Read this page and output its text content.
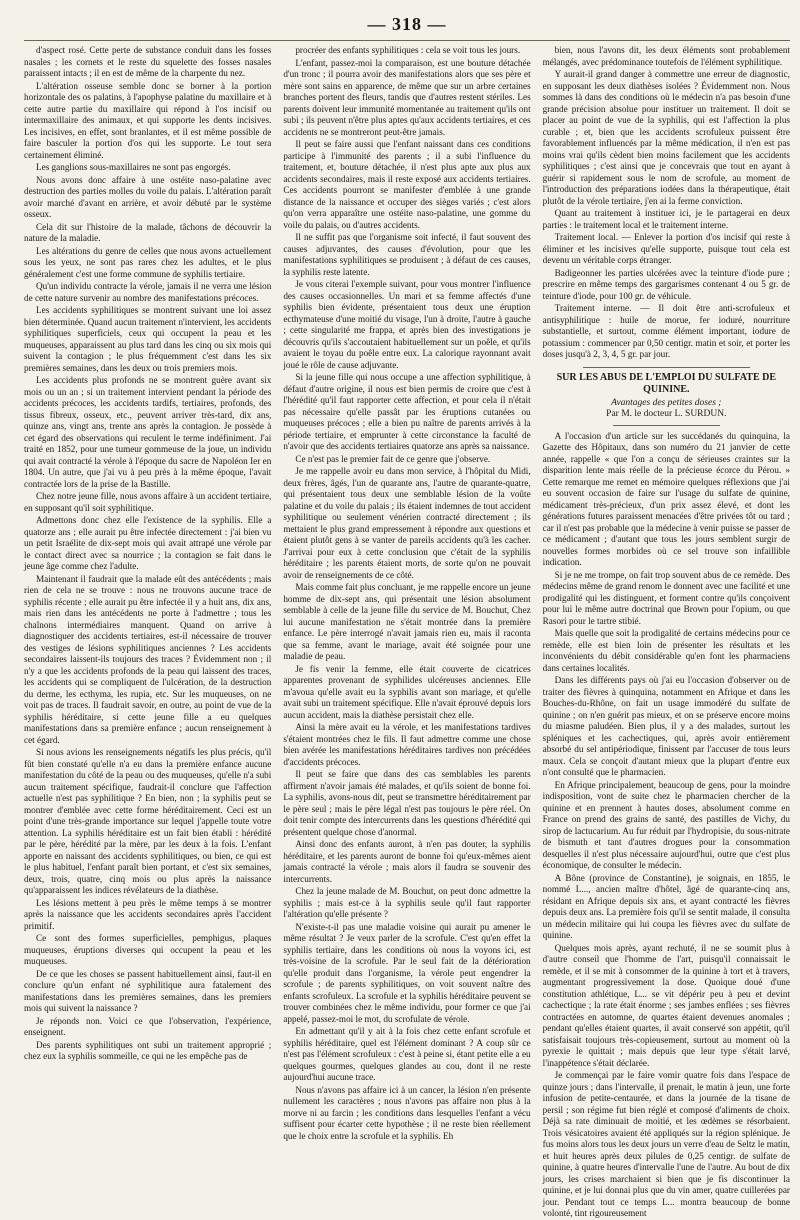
— 318 —

d'aspect rosé. Cette perte de substance conduit dans les fosses nasales ; les cornets et le reste du squelette des fosses nasales paraissent intacts ; il en est de même de la charpente du nez.

L'altération osseuse semble donc se borner à la portion horizontale des os palatins, à l'apophyse palatine du maxillaire et à cette autre partie du maxillaire qui répond à l'os incisif ou intermaxillaire des animaux, et qui supporte les dents incisives. Les incisives, en effet, sont branlantes, et il est même possible de faire basculer la portion d'os qui les supporte. Le tout sera certainement éliminé.

Les ganglions sous-maxillaires ne sont pas engorgés.

Nous avons donc affaire à une ostéite naso-palatine avec destruction des parties molles du voile du palais. L'altération paraît avoir marché d'avant en arrière, et avoir débuté par le système osseux.

Cela dit sur l'histoire de la malade, tâchons de découvrir la nature de la maladie.

Les altérations du genre de celles que nous avons actuellement sous les yeux, ne sont pas rares chez les adultes, et le plus généralement c'est une forme commune de syphilis tertiaire.

Qu'un individu contracte la vérole, jamais il ne verra une lésion de cette nature survenir au nombre des manifestations précoces.

Les accidents syphilitiques se montrent suivant une loi assez bien déterminée. Quand aucun traitement n'intervient, les accidents syphilitiques superficiels, ceux qui occupent la peau et les muqueuses, apparaissent au plus tard dans les cinq ou six mois qui suivent la contagion ; le plus fréquemment c'est dans les six premières semaines, dans les deux ou trois premiers mois.

Les accidents plus profonds ne se montrent guère avant six mois ou un an ; si un traitement intervient pendant la période des accidents précoces, les accidents tardifs, tertiaires, profonds, des tissus fibreux, osseux, etc., peuvent arriver très-tard, dix ans, quinze ans, vingt ans, trente ans après la contagion. Je possède à cet égard des observations qui reculent le terme indéfiniment. J'ai traité en 1852, pour une tumeur gommeuse de la joue, un individu qui avait contracté la vérole à l'époque du sacre de Napoléon Ier en 1804. Un autre, que j'ai vu à peu près à la même époque, l'avait contractée lors de la prise de la Bastille.

Chez notre jeune fille, nous avons affaire à un accident tertiaire, en supposant qu'il soit syphilitique.

Admettons donc chez elle l'existence de la syphilis. Elle a quatorze ans ; elle aurait pu être infectée directement : j'ai bien vu un petit Israélite de dix-sept mois qui avait attrapé une vérole par le contact direct avec sa nourrice ; la contagion se fait dans le jeune âge comme chez l'adulte.

Maintenant il faudrait que la malade eût des antécédents ; mais rien de cela ne se trouve : nous ne trouvons aucune trace de syphilis récente ; elle aurait pu être infectée il y a huit ans, dix ans, mais rien dans les antécédents ne porte à l'admettre ; tous les chaînons intermédiaires manquent. Quand on arrive à diagnostiquer des accidents tertiaires, est-il nécessaire de trouver des vestiges de lésions syphilitiques anciennes ? Les accidents secondaires laissent-ils toujours des traces ? Évidemment non ; il n'y a que les accidents profonds de la peau qui laissent des traces, les accidents qui se compliquent de l'ulcération, de la destruction du derme, les ecthyma, les rupia, etc. Sur les muqueuses, on ne voit pas de traces. Il faudrait savoir, en outre, au point de vue de la syphilis héréditaire, si cette jeune fille a eu quelques manifestations dans sa première enfance ; aucun renseignement à cet égard.

Si nous avions les renseignements négatifs les plus précis, qu'il fût bien constaté qu'elle n'a eu dans la première enfance aucune manifestation du côté de la peau ou des muqueuses, qu'elle n'a subi aucun traitement spécifique, faudrait-il conclure que l'affection actuelle n'est pas syphilitique ? En bien, non ; la syphilis peut se montrer d'emblée avec cette forme héréditairement. Ceci est un point d'une très-grande importance sur lequel j'appelle toute votre attention. La syphilis héréditaire est un fait bien établi : hérédité par le père, hérédité par la mère, par les deux à la fois. L'enfant apporte en naissant des accidents syphilitiques, ou bien, ce qui est le plus habituel, l'enfant paraît bien portant, et c'est six semaines, deux, trois, quatre, cinq mois ou plus après la naissance qu'apparaissent les indices révélateurs de la diathèse.

Les lésions mettent à peu près le même temps à se montrer après la naissance que les accidents secondaires après l'accident primitif.

Ce sont des formes superficielles, pemphigus, plaques muqueuses, éruptions diverses qui occupent la peau et les muqueuses.

De ce que les choses se passent habituellement ainsi, faut-il en conclure qu'un enfant né syphilitique aura fatalement des manifestations dans les premières semaines, dans les premiers mois qui suivent la naissance ?

Je réponds non. Voici ce que l'observation, l'expérience, enseignent.

Des parents syphilitiques ont subi un traitement approprié ; chez eux la syphilis sommeille, ce qui ne les empêche pas de

procréer des enfants syphilitiques : cela se voit tous les jours.

L'enfant, passez-moi la comparaison, est une bouture détachée d'un tronc ; il pourra avoir des manifestations alors que ses père et mère sont sains en apparence, de même que sur un arbre certaines branches portent des fleurs, tandis que d'autres restent stériles. Les parents doivent leur immunité momentanée au traitement qu'ils ont subi ; ils peuvent n'être plus aptes qu'aux accidents tertiaires, et ces accidents ne se montreront peut-être jamais.

Il peut se faire aussi que l'enfant naissant dans ces conditions participe à l'immunité des parents ; il a subi l'influence du traitement, et, bouture détachée, il n'est plus apte aux plus aux accidents secondaires, mais il reste exposé aux accidents tertiaires. Ces accidents pourront se manifester d'emblée à une grande distance de la naissance et occuper des sièges variés ; c'est alors qu'on verra apparaître une ostéite naso-palatine, une gomme du voile du palais, ou d'autres accidents.

Il ne suffit pas que l'organisme soit infecté, il faut souvent des causes adjuvantes, des causes d'évolution, pour que les manifestations syphilitiques se produisent ; à défaut de ces causes, la syphilis reste latente.

Je vous citerai l'exemple suivant, pour vous montrer l'influence des causes occasionnelles. Un mari et sa femme affectés d'une syphilis bien évidente, présentaient tous deux une éruption ecthymateuse d'une moitié du visage, l'un à droite, l'autre à gauche ; cette singularité me frappa, et après bien des investigations je découvris qu'ils s'accoutaient habituellement sur un poêle, et qu'ils avaient le toyau du poêle entre eux. La calorique rayonnant avait joué le rôle de cause adjuvante.

Si la jeune fille qui nous occupe a une affection syphilitique, à défaut d'autre origine, il nous est bien permis de croire que c'est à l'hérédité qu'il faut rapporter cette affection, et pour cela il n'était pas nécessaire qu'elle passât par les éruptions cutanées ou muqueuses précoces ; elle a bien pu naître de parents arrivés à la période tertiaire, et emprunter à cette circonstance la faculté de n'avoir que des accidents tertiaires quatorze ans après sa naissance.

Ce n'est pas le premier fait de ce genre que j'observe.

Je me rappelle avoir eu dans mon service, à l'hôpital du Midi, deux frères, âgés, l'un de quarante ans, l'autre de quarante-quatre, qui présentaient tous deux une semblable lésion de la voûte palatine et du voile du palais ; ils étaient indemnes de tout accident syphilitique ou seulement vénérien contracté directement ; ils mettaient le plus grand empressement à répondre aux questions et étaient plutôt gens à se vanter de pareils accidents qu'à les cacher. J'arrivai pour eux à cette conclusion que c'était de la syphilis héréditaire ; les parents étaient morts, de sorte qu'on ne pouvait avoir de renseignements de ce côté.

Mais comme fait plus concluant, je me rappelle encore un jeune homme de dix-sept ans, qui présentait une lésion absolument semblable à celle de la jeune fille du service de M. Bouchut, Chez lui aucune manifestation ne s'était montrée dans la première enfance. Le père interrogé n'avait jamais rien eu, mais il raconta que sa femme, avant le mariage, avait été soignée pour une maladie de peau.

Je fis venir la femme, elle était couverte de cicatrices apparentes provenant de syphilides ulcéreuses anciennes. Elle m'avoua qu'elle avait eu la syphilis avant son mariage, et qu'elle avait subi un traitement spécifique. Elle n'avait éprouvé depuis lors aucun accident, mais la diathèse persistait chez elle.

Ainsi la mère avait eu la vérole, et les manifestations tardives s'étaient montrées chez le fils. Il faut admettre comme une chose bien avérée les manifestations héréditaires tardives non précédées d'accidents précoces.

Il peut se faire que dans des cas semblables les parents affirment n'avoir jamais été malades, et qu'ils soient de bonne foi. La syphilis, avons-nous dit, peut se transmettre héréditairement par le père seul ; mais le père légal n'est pas toujours le père réel. On doit tenir compte des intercurrents dans les questions d'hérédité qui présentent quelque chose d'anormal.

Ainsi donc des enfants auront, à n'en pas douter, la syphilis héréditaire, et les parents auront de bonne foi qu'eux-mêmes aient jamais contracté la vérole ; mais alors il faudra se souvenir des intercurrents.

Chez la jeune malade de M. Bouchut, on peut donc admettre la syphilis ; mais est-ce à la syphilis seule qu'il faut rapporter l'altération qu'elle présente ?

N'existe-t-il pas une maladie voisine qui aurait pu amener le même résultat ? Je veux parler de la scrofule. C'est qu'en effet la syphilis tertiaire, dans les conditions où nous la voyons ici, est très-voisine de la scrofule. Par le seul fait de la détérioration qu'elle produit dans l'organisme, la vérole peut engendrer la scrofule ; de parents syphilitiques, on voit souvent naître des enfants scrofuleux. La scrofule et la syphilis héréditaire peuvent se trouver combinées chez le même individu, pour former ce que j'ai appelé, passez-moi le mot, du scrofulate de vérole.

En admettant qu'il y ait à la fois chez cette enfant scrofule et syphilis héréditaire, quel est l'élément dominant ? A coup sûr ce n'est pas l'élément scrofuleux : c'est à peine si, étant petite elle a eu quelques gourmes, quelques glandes au cou, dont il ne reste aujourd'hui aucune trace.

Nous n'avons pas affaire ici à un cancer, la lésion n'en présente nullement les caractères ; nous n'avons pas affaire non plus à la morve ni au farcin ; les conditions dans lesquelles l'enfant a vécu suffisent pour écarter cette hypothèse ; il ne reste bien réellement que le choix entre la scrofule et la syphilis. Eh

bien, nous l'avons dit, les deux éléments sont probablement mélangés, avec prédominance toutefois de l'élément syphilitique.

Y aurait-il grand danger à commettre une erreur de diagnostic, en supposant les deux diathèses isolées ? Évidemment non. Nous sommes là dans des conditions où le médecin n'a pas besoin d'une grande précision absolue pour instituer un traitement. Il doit se placer au point de vue de la syphilis, qui est l'affection la plus curable ; et, bien que les accidents scrofuleux puissent être favorablement influencés par la même médication, il n'en est pas moins vrai qu'ils cèdent bien moins facilement que les accidents syphilitiques ; c'est ainsi que je concevrais que tout en ayant à guérir si rapidement sous le nom de scrofule, au moment de l'introduction des préparations iodées dans la thérapeutique, était plutôt de la vérole tertiaire, j'en ai la ferme conviction.

Quant au traitement à instituer ici, je le partagerai en deux parties : le traitement local et le traitement interne.

Traitement local. — Enlever la portion d'os incisif qui reste à éliminer et les incisives qu'elle supporte, puisque tout cela est devenu un véritable corps étranger.

Badigeonner les parties ulcérées avec la teinture d'iode pure ; prescrire en même temps des gargarismes contenant 4 ou 5 gr. de teinture d'iode, pour 100 gr. de véhicule.

Traitement interne. — Il doit être anti-scrofuleux et antisyphilitique : huile de morue, fer ioduré, nourriture substantielle, et surtout, comme élément important, iodure de potassium : commencer par 0,50 centigr. matin et soir, et porter les doses jusqu'à 2, 3, 4, 5 gr. par jour.

SUR LES ABUS DE L'EMPLOI DU SULFATE DE QUININE.
Avantages des petites doses ;
Par M. le docteur L. SURDUN.

A l'occasion d'un article sur les succédanés du quinquina, la Gazette des Hôpitaux, dans son numéro du 21 janvier de cette année, rappelle « que l'on a conçu de sérieuses craintes sur la disparition lente mais réelle de la précieuse écorce du Pérou. » Cette remarque me remet en mémoire quelques réflexions que j'ai eu souvent occasion de faire sur l'usage du sulfate de quinine, médicament très-précieux, d'un prix assez élevé, et dont les générations futures paraissent menacées d'être privées tôt ou tard ; car il n'est pas probable que la médecine à venir puisse se passer de ce médicament ; d'autant que tous les jours semblent surgir de nouvelles formes morbides où ce sel trouve son infaillible indication.

Si je ne me trompe, on fait trop souvent abus de ce remède. Des médecins même de grand renom le donnent avec une facilité et une prodigalité qui les distinguent, et forment contre qu'ils conçoivent pour lui le même autre doctrinal que Brown pour l'opium, ou que Rasori pour le tartre stibié.

Mais quelle que soit la prodigalité de certains médecins pour ce remède, elle est bien loin de présenter les résultats et les inconvénients du débit considérable qu'en font les pharmaciens dans certaines localités.

Dans les différents pays où j'ai eu l'occasion d'observer ou de traiter des fièvres à quinquina, notamment en Afrique et dans les Bouches-du-Rhône, on fait un usage immodéré du sulfate de quinine ; on n'en guérit pas mieux, et on se préserve encore moins du miasme paludéen. Bien plus, il y a des malades, surtout les spléniques et les cachectiques, qui, après avoir entièrement absorbé du sel antipériodique, finissent par l'accuser de tous leurs maux. Cela se conçoit d'autant mieux que la plupart d'entre eux n'ont consulté que le pharmacien.

En Afrique principalement, beaucoup de gens, pour la moindre indisposition, vont de suite chez le pharmacien chercher de la quinine et en prennent à hautes doses, absolument comme en France on prend des grains de santé, des pastilles de Vichy, du sirop de lactucarium. Au fur réduit par l'hydropisie, du sous-nitrate de bismuth et tant d'autres drogues pour la consommation desquelles il n'est plus nécessaire aujourd'hui, outre que c'est plus économique, de consulter le médecin.

A Bône (province de Constantine), je soignais, en 1855, le nommé L..., ancien maître d'hôtel, âgé de quarante-cinq ans, résidant en Afrique depuis six ans, et ayant contracté les fièvres depuis deux ans. La première fois qu'il se sentit malade, il consulta un médecin militaire qui lui coupa les fièvres avec du sulfate de quinine.

Quelques mois après, ayant rechuté, il ne se soumit plus à d'autre conseil que l'homme de l'art, puisqu'il connaissait le remède, et il se mit à consommer de la quinine à tort et à travers, augmentant progressivement la dose. Quoique doué d'une constitution athlétique, L... se vit dépérir peu à peu et devint cachectique ; la rate était énorme ; ses jambes enflées ; ses fièvres contractées en automne, de quartes étaient devenues anomales ; pendant qu'elles étaient quartes, il avait conservé son appétit, qu'il satisfaisait toujours très-copieusement, surtout au moment où la pyrexie le quittait ; mais depuis que leur type s'était larvé, l'inappétence s'était déclarée.

Je commençai par le faire vomir quatre fois dans l'espace de quinze jours ; dans l'intervalle, il prenait, le matin à jeun, une forte infusion de petite-centaurée, et dans la journée de la tisane de persil ; son régime fut bien réglé et composé d'aliments de choix. Déjà sa rate diminuait de moitié, et les œdèmes se résorbaient. Trois vésicatoires avaient été appliqués sur la région splénique. Je fus moins alors tous les deux jours un verre d'eau de Seltz le matin, et huit heures après deux pilules de 0,25 centigr. de sulfate de quinine, à quatre heures d'intervalle l'une de l'autre. Au bout de dix jours, les crises marchaient si bien que je fis discontinuer la quinine, et je lui donnai plus que du vin amer, quatre cuillerées par jour. Pendant tout ce temps L... montra beaucoup de bonne volonté, tint rigoureusement
